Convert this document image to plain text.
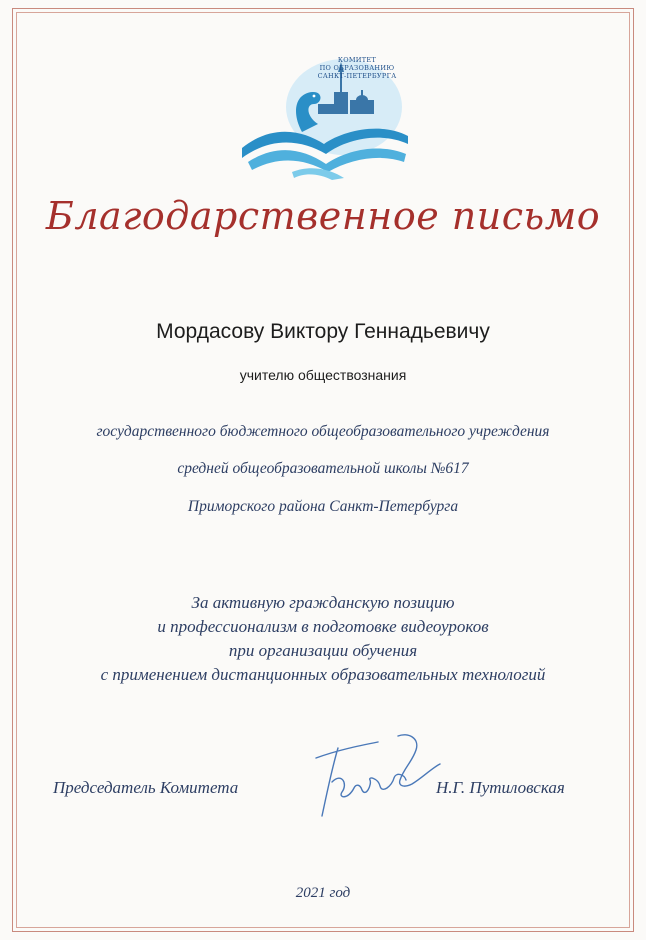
КОМИТЕТ
ПО ОБРАЗОВАНИЮ
САНКТ-ПЕТЕРБУРГА
Благодарственное письмо
Мордасову Виктору Геннадьевичу
учителю обществознания
государственного бюджетного общеобразовательного учреждения
средней общеобразовательной школы №617
Приморского района Санкт-Петербурга
За активную гражданскую позицию
и профессионализм в подготовке видеоуроков
при организации обучения
с применением дистанционных образовательных технологий
Председатель Комитета	Н.Г. Путиловская
2021 год
